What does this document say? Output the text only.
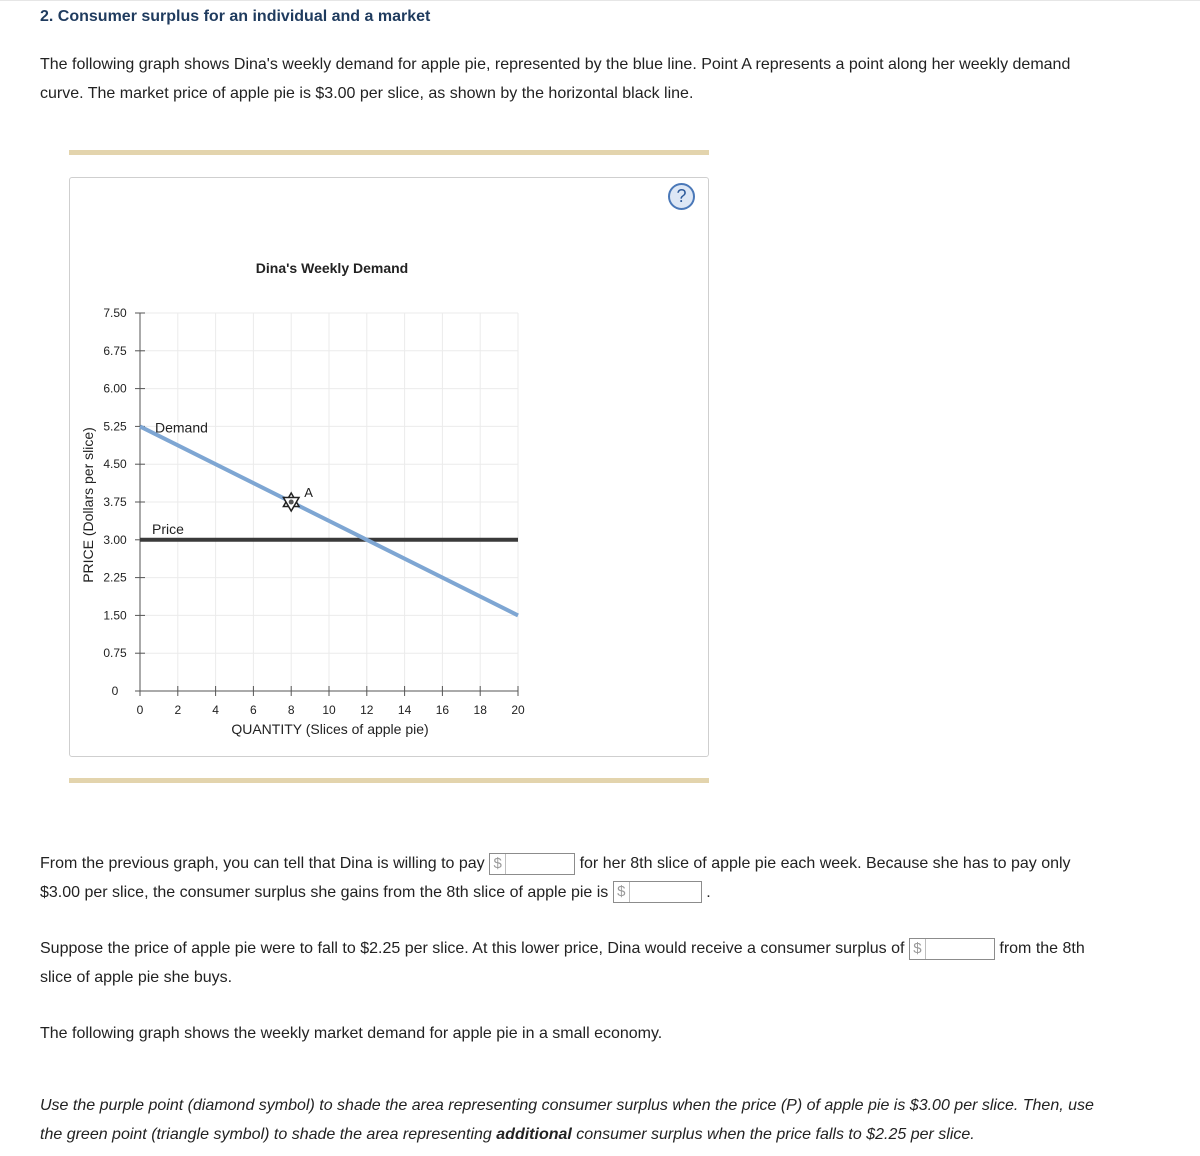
2. Consumer surplus for an individual and a market
The following graph shows Dina's weekly demand for apple pie, represented by the blue line. Point A represents a point along her weekly demand
curve. The market price of apple pie is $3.00 per slice, as shown by the horizontal black line.
?
Dina's Weekly Demand
PRICE (Dollars per slice)
QUANTITY (Slices of apple pie)
0
0.75
1.50
2.25
3.00
3.75
4.50
5.25
6.00
6.75
7.50
0	2	4	6	8 10 12 14 16 18 20
Demand
Price
A
From the previous graph, you can tell that Dina is willing to pay $	for her 8th slice of apple pie each week. Because she has to pay only
$3.00 per slice, the consumer surplus she gains from the 8th slice of apple pie is $	.
Suppose the price of apple pie were to fall to $2.25 per slice. At this lower price, Dina would receive a consumer surplus of $	from the 8th
slice of apple pie she buys.
The following graph shows the weekly market demand for apple pie in a small economy.
Use the purple point (diamond symbol) to shade the area representing consumer surplus when the price (P) of apple pie is $3.00 per slice. Then, use
the green point (triangle symbol) to shade the area representing additional consumer surplus when the price falls to $2.25 per slice.
